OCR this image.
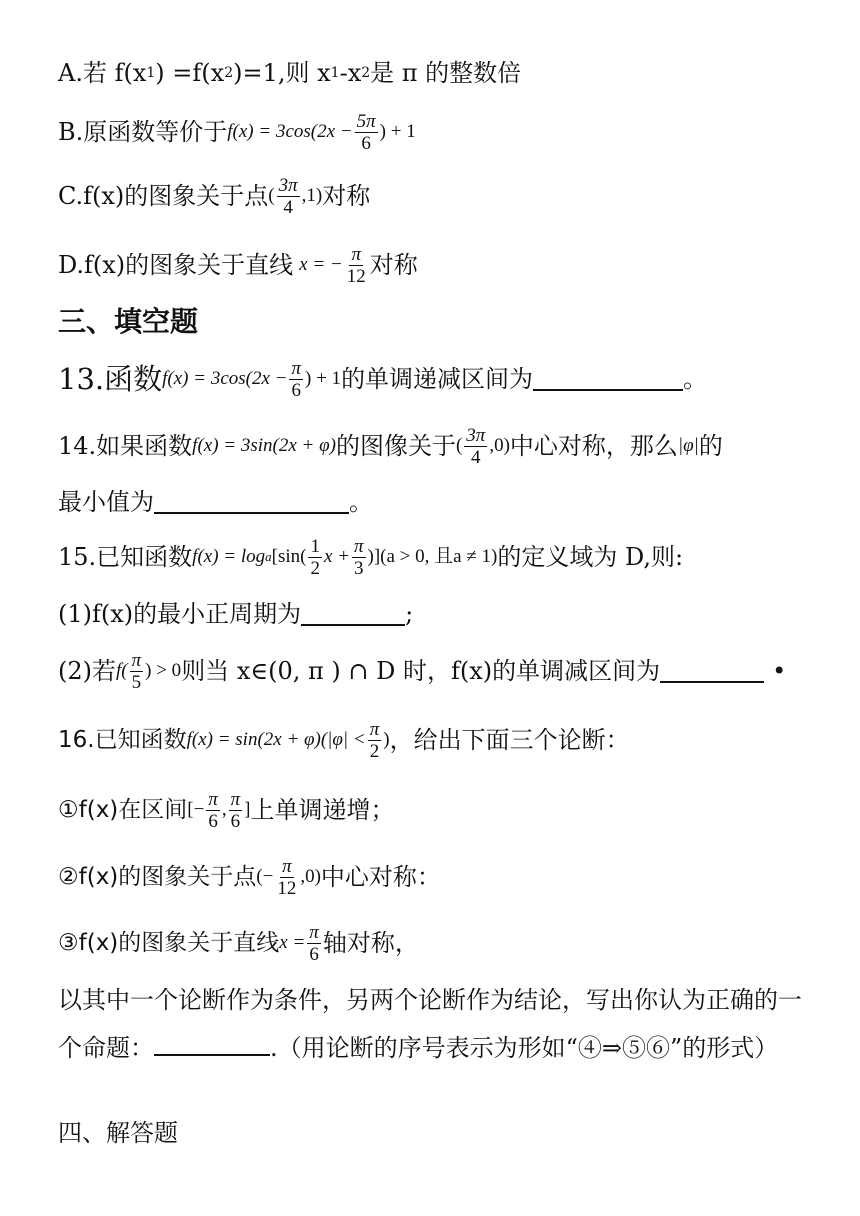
A.若 f(x 1 ) =f(x 2 )=1,则 x 1 -x 2 是 π 的整数倍
B.原函数等价于 $f(x) = 3\cos(2x - \frac{5\pi}{6}$ ) + 1
C.f(x)的图象关于点 ( $\frac{3\pi}{4} ,1$) 对称
D.f(x)的图象关于直线 x = − $\frac{\pi}{12}$ 对称
三、填空题
13.函数 $f(x) = 3\cos(2x - \frac{\pi}{6}$ ) + 1 的单调递减区间为	。
14.如果函数 f(x) = 3sin(2x + φ) 的图像关于 ( $\frac{3\pi}{4} ,0$) 中心对称，那么 |φ| 的
最小值为	。
15.已知函数 f(x) = log a [$\sin( \frac{1}{2}$ $x + \frac{\pi}{3} )](a > 0$, 且a ≠ 1) 的定义域为 D,则:
(1)f(x)的最小正周期为	;
(2)若 $f( \frac{\pi}{5}$ ) > 0 则当 x∈(0, π ) ∩ D 时，f(x)的单调减区间为	•
16.已知函数 $f(x) = \sin(2x + \varphi)(|\varphi| < \frac{\pi}{2}$ ) ，给出下面三个论断：
①f(x)在区间 [− $\frac{\pi}{6}$ , $\frac{\pi}{6}$ ] 上单调递增；
②f(x)的图象关于点 (− $\frac{\pi}{12} ,0$) 中心对称：
③f(x)的图象关于直线 $x = \frac{\pi}{6}$ 轴对称，
以其中一个论断作为条件，另两个论断作为结论，写出你认为正确的一个命题：	.（用论断的序号表示为形如“④⇒⑤⑥”的形式）
四、解答题
